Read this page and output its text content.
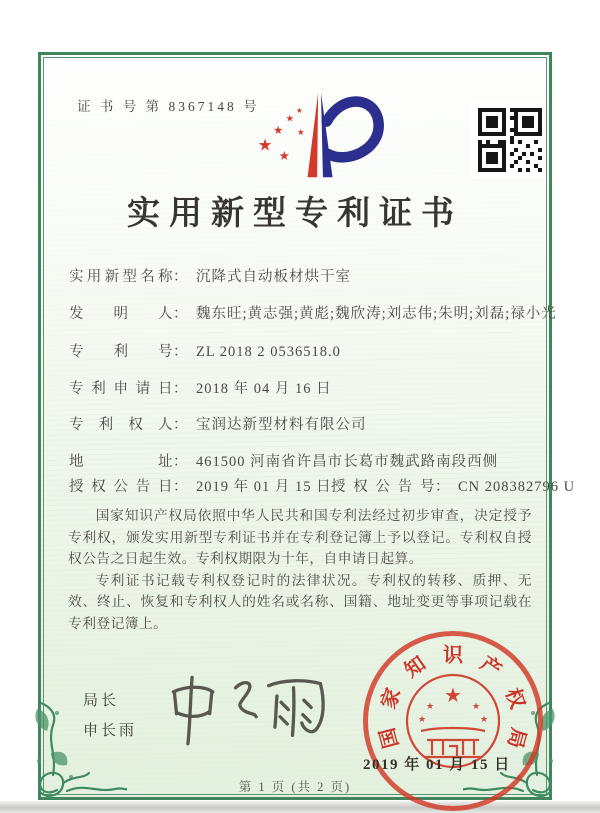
证 书 号 第 8367148 号
★
★
★
★
★
★
实用新型专利证书
实用新型名称： 沉降式自动板材烘干室
发明人： 魏东旺;黄志强;黄彪;魏欣涛;刘志伟;朱明;刘磊;禄小光
专利号： ZL 2018 2 0536518.0
专利申请日： 2018 年 04 月 16 日
专利权人： 宝润达新型材料有限公司
地址： 461500 河南省许昌市长葛市魏武路南段西侧
授权公告日： 2019 年 01 月 15 日 授权公告号： CN 208382796 U

国家知识产权局依照中华人民共和国专利法经过初步审查，决定授予专利权，颁发实用新型专利证书并在专利登记簿上予以登记。专利权自授权公告之日起生效。专利权期限为十年，自申请日起算。

专利证书记载专利权登记时的法律状况。专利权的转移、质押、无效、终止、恢复和专利权人的姓名或名称、国籍、地址变更等事项记载在专利登记簿上。

局长
申长雨	国
家
知 识 产
权
局
★
★	★
★	★
2019 年 01 月 15 日
第 1 页 (共 2 页)
